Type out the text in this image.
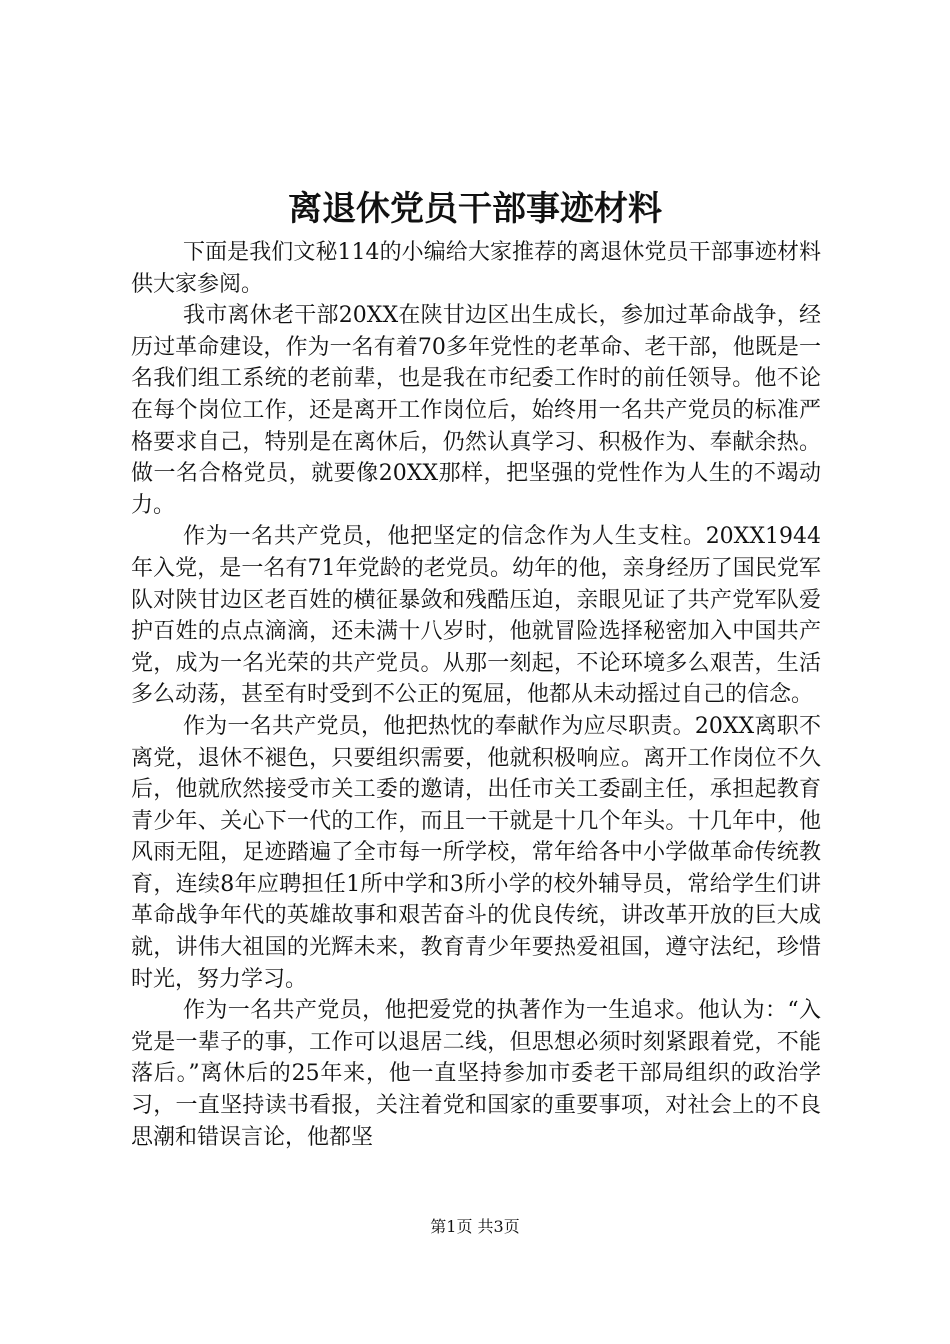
离退休党员干部事迹材料

下面是我们文秘114的小编给大家推荐的离退休党员干部事迹材料供大家参阅。

我市离休老干部20XX在陕甘边区出生成长，参加过革命战争，经历过革命建设，作为一名有着70多年党性的老革命、老干部，他既是一名我们组工系统的老前辈，也是我在市纪委工作时的前任领导。他不论在每个岗位工作，还是离开工作岗位后，始终用一名共产党员的标准严格要求自己，特别是在离休后，仍然认真学习、积极作为、奉献余热。做一名合格党员，就要像20XX那样，把坚强的党性作为人生的不竭动力。

作为一名共产党员，他把坚定的信念作为人生支柱。20XX1944年入党，是一名有71年党龄的老党员。幼年的他，亲身经历了国民党军队对陕甘边区老百姓的横征暴敛和残酷压迫，亲眼见证了共产党军队爱护百姓的点点滴滴，还未满十八岁时，他就冒险选择秘密加入中国共产党，成为一名光荣的共产党员。从那一刻起，不论环境多么艰苦，生活多么动荡，甚至有时受到不公正的冤屈，他都从未动摇过自己的信念。

作为一名共产党员，他把热忱的奉献作为应尽职责。20XX离职不离党，退休不褪色，只要组织需要，他就积极响应。离开工作岗位不久后，他就欣然接受市关工委的邀请，出任市关工委副主任，承担起教育青少年、关心下一代的工作，而且一干就是十几个年头。十几年中，他风雨无阻，足迹踏遍了全市每一所学校，常年给各中小学做革命传统教育，连续8年应聘担任1所中学和3所小学的校外辅导员，常给学生们讲革命战争年代的英雄故事和艰苦奋斗的优良传统，讲改革开放的巨大成就，讲伟大祖国的光辉未来，教育青少年要热爱祖国，遵守法纪，珍惜时光，努力学习。

作为一名共产党员，他把爱党的执著作为一生追求。他认为：“入党是一辈子的事，工作可以退居二线，但思想必须时刻紧跟着党，不能落后。”离休后的25年来，他一直坚持参加市委老干部局组织的政治学习，一直坚持读书看报，关注着党和国家的重要事项，对社会上的不良思潮和错误言论，他都坚

第1页 共3页
